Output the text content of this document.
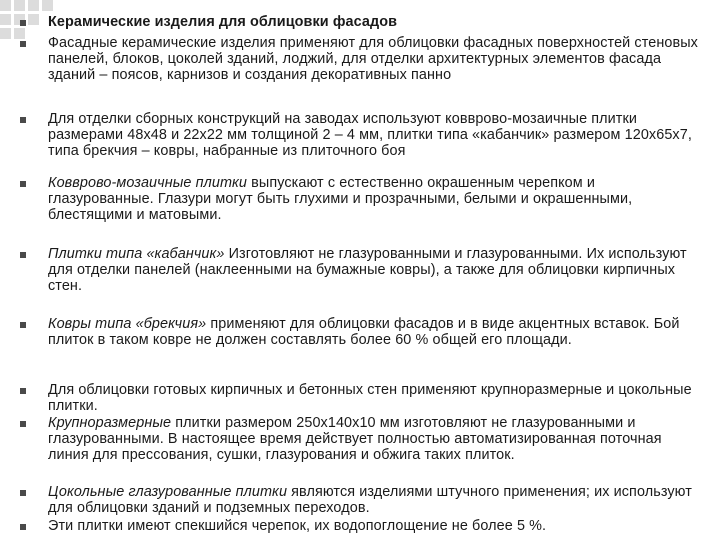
Керамические изделия для облицовки фасадов
Фасадные керамические изделия применяют для облицовки фасадных поверхностей стеновых панелей, блоков, цоколей зданий, лоджий, для отделки архитектурных элементов фасада зданий – поясов, карнизов и создания декоративных панно
Для отделки сборных конструкций на заводах используют ковврово-мозаичные плитки размерами 48х48 и 22х22 мм толщиной 2 – 4 мм, плитки типа «кабанчик» размером 120х65х7, типа брекчия – ковры, набранные из плиточного боя
Ковврово-мозаичные плитки выпускают с естественно окрашенным черепком и глазурованные. Глазури могут быть глухими и прозрачными, белыми и окрашенными, блестящими и матовыми.
Плитки типа «кабанчик» Изготовляют не глазурованными и глазурованными. Их используют для отделки панелей (наклеенными на бумажные ковры), а также для облицовки кирпичных стен.
Ковры типа «брекчия» применяют для облицовки фасадов и в виде акцентных вставок. Бой плиток в таком ковре не должен составлять более 60 % общей его площади.
Для облицовки готовых кирпичных и бетонных стен применяют крупноразмерные и цокольные плитки.
Крупноразмерные плитки размером 250х140х10 мм изготовляют не глазурованными и глазурованными. В настоящее время действует полностью автоматизированная поточная линия для прессования, сушки, глазурования и обжига таких плиток.
Цокольные глазурованные плитки являются изделиями штучного применения; их используют для облицовки зданий и подземных переходов.
Эти плитки имеют спекшийся черепок, их водопоглощение не более 5 %.
